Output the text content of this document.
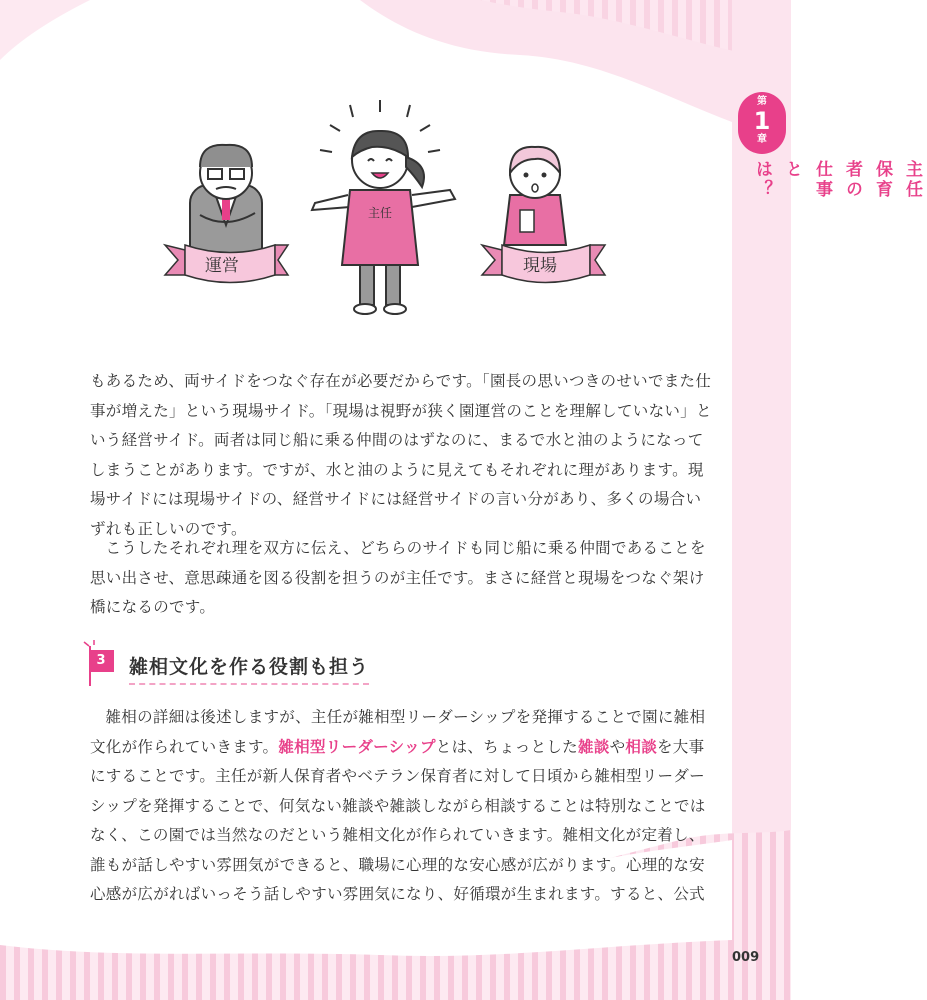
第
1
章
主任保育者の仕事とは？
運営
主任
現場

もあるため、両サイドをつなぐ存在が必要だからです。「園長の思いつきのせいでまた仕事が増えた」という現場サイド。「現場は視野が狭く園運営のことを理解していない」という経営サイド。両者は同じ船に乗る仲間のはずなのに、まるで水と油のようになってしまうことがあります。ですが、水と油のように見えてもそれぞれに理があります。現場サイドには現場サイドの、経営サイドには経営サイドの言い分があり、多くの場合いずれも正しいのです。

こうしたそれぞれ理を双方に伝え、どちらのサイドも同じ船に乗る仲間であることを思い出させ、意思疎通を図る役割を担うのが主任です。まさに経営と現場をつなぐ架け橋になるのです。

3 雑相文化を作る役割も担う

雑相の詳細は後述しますが、主任が雑相型リーダーシップを発揮することで園に雑相文化が作られていきます。雑相型リーダーシップとは、ちょっとした雑談や相談を大事にすることです。主任が新人保育者やベテラン保育者に対して日頃から雑相型リーダーシップを発揮することで、何気ない雑談や雑談しながら相談することは特別なことではなく、この園では当然なのだという雑相文化が作られていきます。雑相文化が定着し、誰もが話しやすい雰囲気ができると、職場に心理的な安心感が広がります。心理的な安心感が広がればいっそう話しやすい雰囲気になり、好循環が生まれます。すると、公式

009
